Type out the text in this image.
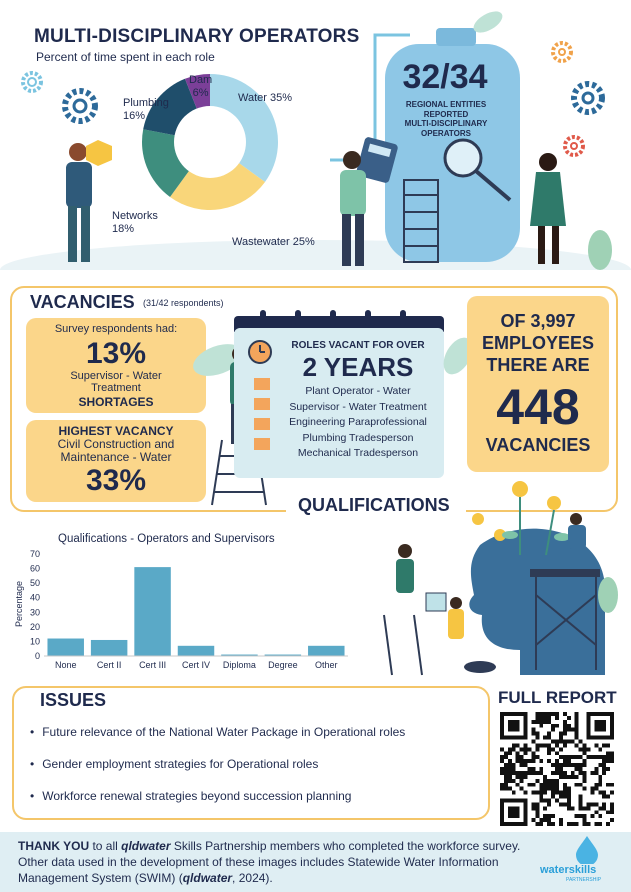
MULTI-DISCIPLINARY OPERATORS
Percent of time spent in each role
Water 35%
Wastewater 25%
Networks
18%
Plumbing
16%
Dam
6%	32/34
REGIONAL ENTITIES
REPORTED
MULTI-DISCIPLINARY
OPERATORS
VACANCIES (31/42 respondents)
Survey respondents had:
13%
Supervisor - Water
Treatment
SHORTAGES
HIGHEST VACANCY
Civil Construction and
Maintenance - Water
33%
ROLES VACANT FOR OVER
2 YEARS
Plant Operator - Water
Supervisor - Water Treatment
Engineering Paraprofessional
Plumbing Tradesperson
Mechanical Tradesperson
OF 3,997
EMPLOYEES
THERE ARE
448
VACANCIES
QUALIFICATIONS
Qualifications - Operators and Supervisors
Percentage
0
10
20
30
40
50
60
70
None Cert II Cert III Cert IV Diploma Degree Other
ISSUES
• Future relevance of the National Water Package in Operational roles
• Gender employment strategies for Operational roles
• Workforce renewal strategies beyond succession planning
FULL REPORT
THANK YOU to all qldwater Skills Partnership members who completed the workforce survey.
Other data used in the development of these images includes Statewide Water Information
Management System (SWIM) (qldwater, 2024).
waterskills
PARTNERSHIP
